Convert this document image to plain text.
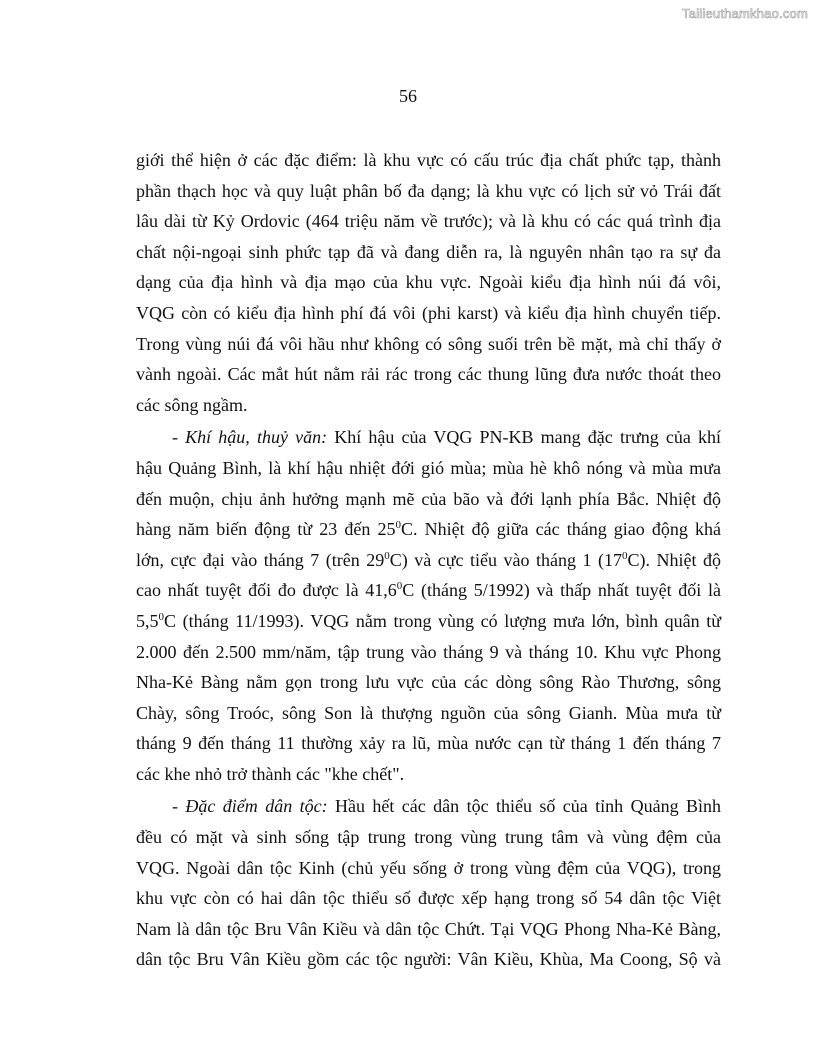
Tailieuthamkhao.com
56
giới thể hiện ở các đặc điểm: là khu vực có cấu trúc địa chất phức tạp, thành
phần thạch học và quy luật phân bố đa dạng; là khu vực có lịch sử vỏ Trái đất
lâu dài từ Kỷ Ordovic (464 triệu năm về trước); và là khu có các quá trình địa
chất nội-ngoại sinh phức tạp đã và đang diễn ra, là nguyên nhân tạo ra sự đa
dạng của địa hình và địa mạo của khu vực. Ngoài kiểu địa hình núi đá vôi,
VQG còn có kiểu địa hình phí đá vôi (phi karst) và kiểu địa hình chuyển tiếp.
Trong vùng núi đá vôi hầu như không có sông suối trên bề mặt, mà chỉ thấy ở
vành ngoài. Các mắt hút nằm rải rác trong các thung lũng đưa nước thoát theo
các sông ngầm.
- Khí hậu, thuỷ văn: Khí hậu của VQG PN-KB mang đặc trưng của khí
hậu Quảng Bình, là khí hậu nhiệt đới gió mùa; mùa hè khô nóng và mùa mưa
đến muộn, chịu ảnh hưởng mạnh mẽ của bão và đới lạnh phía Bắc. Nhiệt độ
hàng năm biến động từ 23 đến $25^0C$. Nhiệt độ giữa các tháng giao động khá
lớn, cực đại vào tháng 7 (trên $29^0C$) và cực tiểu vào tháng 1 $(17^0C)$. Nhiệt độ
cao nhất tuyệt đối đo được là 41,6$^0$C (tháng 5/1992) và thấp nhất tuyệt đối là
$5,5^0C$ (tháng 11/1993). VQG nằm trong vùng có lượng mưa lớn, bình quân từ
2.000 đến 2.500 mm/năm, tập trung vào tháng 9 và tháng 10. Khu vực Phong
Nha-Kẻ Bàng nằm gọn trong lưu vực của các dòng sông Rào Thương, sông
Chày, sông Troóc, sông Son là thượng nguồn của sông Gianh. Mùa mưa từ
tháng 9 đến tháng 11 thường xảy ra lũ, mùa nước cạn từ tháng 1 đến tháng 7
các khe nhỏ trở thành các "khe chết".
- Đặc điểm dân tộc: Hầu hết các dân tộc thiểu số của tỉnh Quảng Bình
đều có mặt và sinh sống tập trung trong vùng trung tâm và vùng đệm của
VQG. Ngoài dân tộc Kinh (chủ yếu sống ở trong vùng đệm của VQG), trong
khu vực còn có hai dân tộc thiểu số được xếp hạng trong số 54 dân tộc Việt
Nam là dân tộc Bru Vân Kiều và dân tộc Chứt. Tại VQG Phong Nha-Kẻ Bàng,
dân tộc Bru Vân Kiều gồm các tộc người: Vân Kiều, Khùa, Ma Coong, Sộ và
